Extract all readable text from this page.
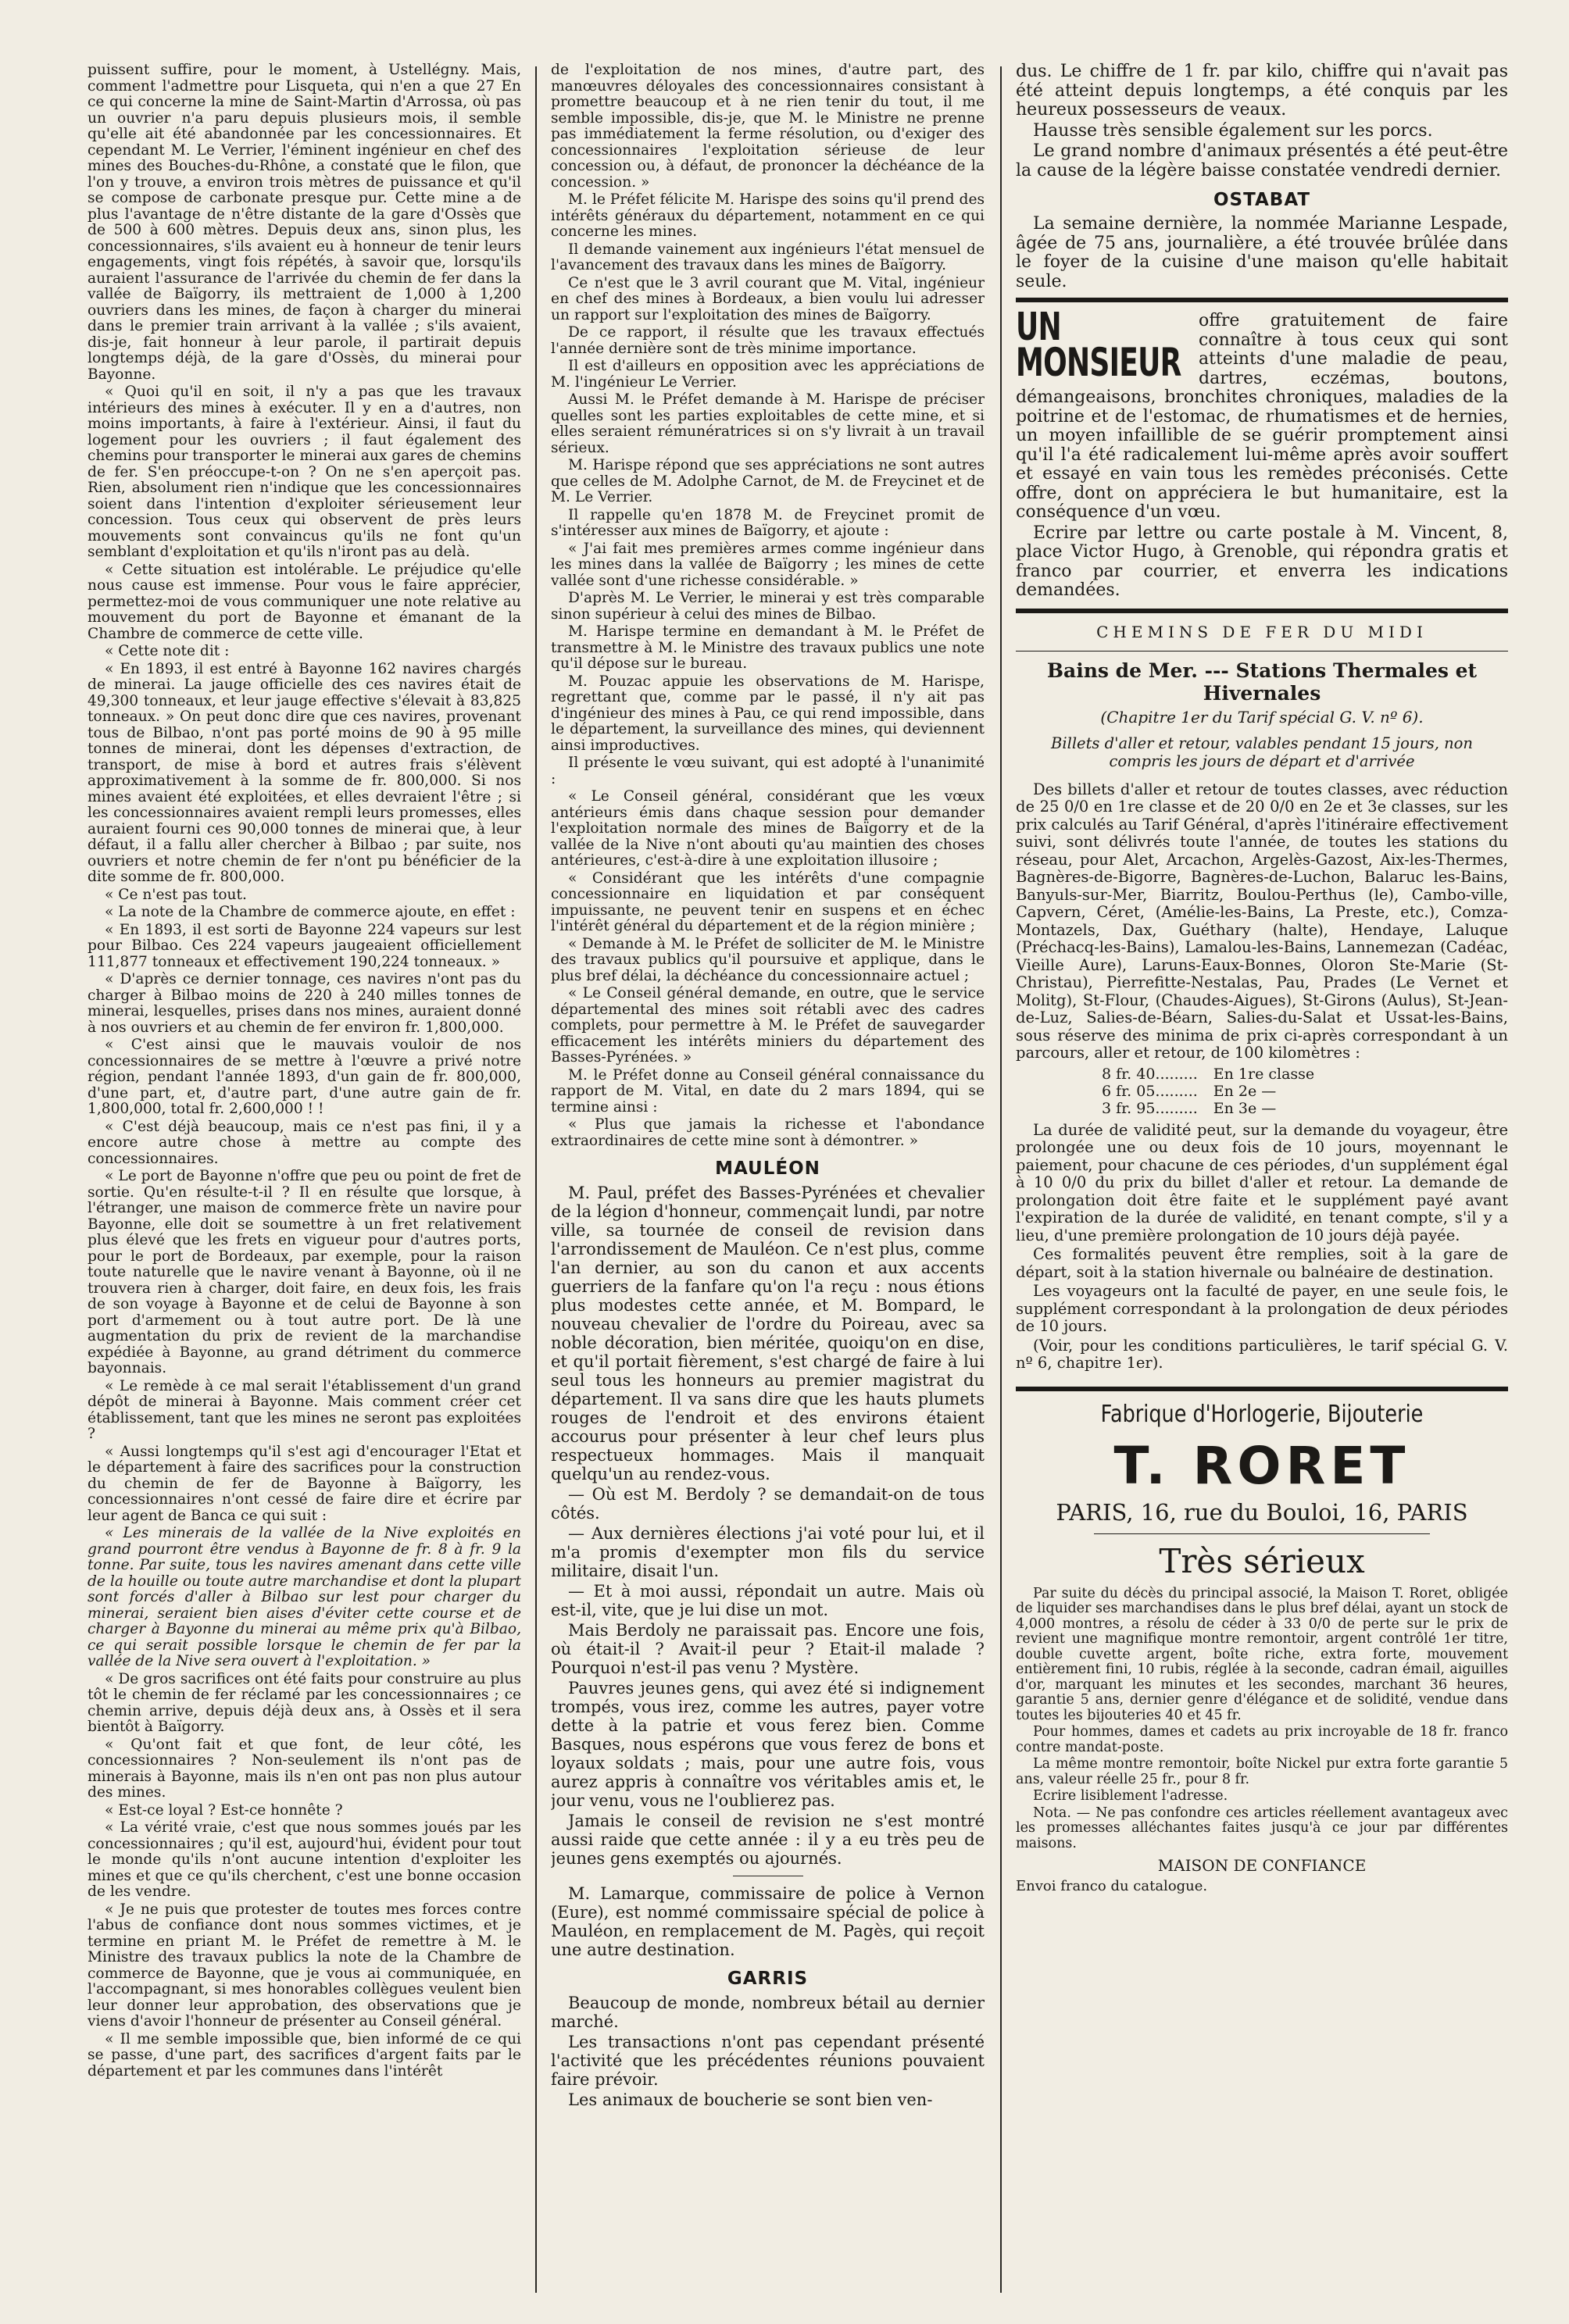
puissent suffire, pour le moment, à Ustellégny. Mais, comment l'admettre pour Lisqueta, qui n'en a que 27 En ce qui concerne la mine de Saint-Martin d'Arrossa, où pas un ouvrier n'a paru depuis plusieurs mois, il semble qu'elle ait été abandonnée par les concessionnaires. Et cependant M. Le Verrier, l'éminent ingénieur en chef des mines des Bouches-du-Rhône, a constaté que le filon, que l'on y trouve, a environ trois mètres de puissance et qu'il se compose de carbonate presque pur. Cette mine a de plus l'avantage de n'être distante de la gare d'Ossès que de 500 à 600 mètres. Depuis deux ans, sinon plus, les concessionnaires, s'ils avaient eu à honneur de tenir leurs engagements, vingt fois répétés, à savoir que, lorsqu'ils auraient l'assurance de l'arrivée du chemin de fer dans la vallée de Baïgorry, ils mettraient de 1,000 à 1,200 ouvriers dans les mines, de façon à charger du minerai dans le premier train arrivant à la vallée ; s'ils avaient, dis-je, fait honneur à leur parole, il partirait depuis longtemps déjà, de la gare d'Ossès, du minerai pour Bayonne.

« Quoi qu'il en soit, il n'y a pas que les travaux intérieurs des mines à exécuter. Il y en a d'autres, non moins importants, à faire à l'extérieur. Ainsi, il faut du logement pour les ouvriers ; il faut également des chemins pour transporter le minerai aux gares de chemins de fer. S'en préoccupe-t-on ? On ne s'en aperçoit pas. Rien, absolument rien n'indique que les concessionnaires soient dans l'intention d'exploiter sérieusement leur concession. Tous ceux qui observent de près leurs mouvements sont convaincus qu'ils ne font qu'un semblant d'exploitation et qu'ils n'iront pas au delà.

« Cette situation est intolérable. Le préjudice qu'elle nous cause est immense. Pour vous le faire apprécier, permettez-moi de vous communiquer une note relative au mouvement du port de Bayonne et émanant de la Chambre de commerce de cette ville.

« Cette note dit :

« En 1893, il est entré à Bayonne 162 navires chargés de minerai. La jauge officielle des ces navires était de 49,300 tonneaux, et leur jauge effective s'élevait à 83,825 tonneaux. » On peut donc dire que ces navires, provenant tous de Bilbao, n'ont pas porté moins de 90 à 95 mille tonnes de minerai, dont les dépenses d'extraction, de transport, de mise à bord et autres frais s'élèvent approximativement à la somme de fr. 800,000. Si nos mines avaient été exploitées, et elles devraient l'être ; si les concessionnaires avaient rempli leurs promesses, elles auraient fourni ces 90,000 tonnes de minerai que, à leur défaut, il a fallu aller chercher à Bilbao ; par suite, nos ouvriers et notre chemin de fer n'ont pu bénéficier de la dite somme de fr. 800,000.

« Ce n'est pas tout.

« La note de la Chambre de commerce ajoute, en effet :

« En 1893, il est sorti de Bayonne 224 vapeurs sur lest pour Bilbao. Ces 224 vapeurs jaugeaient officiellement 111,877 tonneaux et effectivement 190,224 tonneaux. »

« D'après ce dernier tonnage, ces navires n'ont pas du charger à Bilbao moins de 220 à 240 milles tonnes de minerai, lesquelles, prises dans nos mines, auraient donné à nos ouvriers et au chemin de fer environ fr. 1,800,000.

« C'est ainsi que le mauvais vouloir de nos concessionnaires de se mettre à l'œuvre a privé notre région, pendant l'année 1893, d'un gain de fr. 800,000, d'une part, et, d'autre part, d'une autre gain de fr. 1,800,000, total fr. 2,600,000 ! !

« C'est déjà beaucoup, mais ce n'est pas fini, il y a encore autre chose à mettre au compte des concessionnaires.

« Le port de Bayonne n'offre que peu ou point de fret de sortie. Qu'en résulte-t-il ? Il en résulte que lorsque, à l'étranger, une maison de commerce frète un navire pour Bayonne, elle doit se soumettre à un fret relativement plus élevé que les frets en vigueur pour d'autres ports, pour le port de Bordeaux, par exemple, pour la raison toute naturelle que le navire venant à Bayonne, où il ne trouvera rien à charger, doit faire, en deux fois, les frais de son voyage à Bayonne et de celui de Bayonne à son port d'armement ou à tout autre port. De là une augmentation du prix de revient de la marchandise expédiée à Bayonne, au grand détriment du commerce bayonnais.

« Le remède à ce mal serait l'établissement d'un grand dépôt de minerai à Bayonne. Mais comment créer cet établissement, tant que les mines ne seront pas exploitées ?

« Aussi longtemps qu'il s'est agi d'encourager l'Etat et le département à faire des sacrifices pour la construction du chemin de fer de Bayonne à Baïgorry, les concessionnaires n'ont cessé de faire dire et écrire par leur agent de Banca ce qui suit :

« Les minerais de la vallée de la Nive exploités en grand pourront être vendus à Bayonne de fr. 8 à fr. 9 la tonne. Par suite, tous les navires amenant dans cette ville de la houille ou toute autre marchandise et dont la plupart sont forcés d'aller à Bilbao sur lest pour charger du minerai, seraient bien aises d'éviter cette course et de charger à Bayonne du minerai au même prix qu'à Bilbao, ce qui serait possible lorsque le chemin de fer par la vallée de la Nive sera ouvert à l'exploitation. »

« De gros sacrifices ont été faits pour construire au plus tôt le chemin de fer réclamé par les concessionnaires ; ce chemin arrive, depuis déjà deux ans, à Ossès et il sera bientôt à Baïgorry.

« Qu'ont fait et que font, de leur côté, les concessionnaires ? Non-seulement ils n'ont pas de minerais à Bayonne, mais ils n'en ont pas non plus autour des mines.

« Est-ce loyal ? Est-ce honnête ?

« La vérité vraie, c'est que nous sommes joués par les concessionnaires ; qu'il est, aujourd'hui, évident pour tout le monde qu'ils n'ont aucune intention d'exploiter les mines et que ce qu'ils cherchent, c'est une bonne occasion de les vendre.

« Je ne puis que protester de toutes mes forces contre l'abus de confiance dont nous sommes victimes, et je termine en priant M. le Préfet de remettre à M. le Ministre des travaux publics la note de la Chambre de commerce de Bayonne, que je vous ai communiquée, en l'accompagnant, si mes honorables collègues veulent bien leur donner leur approbation, des observations que je viens d'avoir l'honneur de présenter au Conseil général.

« Il me semble impossible que, bien informé de ce qui se passe, d'une part, des sacrifices d'argent faits par le département et par les communes dans l'intérêt

de l'exploitation de nos mines, d'autre part, des manœuvres déloyales des concessionnaires consistant à promettre beaucoup et à ne rien tenir du tout, il me semble impossible, dis-je, que M. le Ministre ne prenne pas immédiatement la ferme résolution, ou d'exiger des concessionnaires l'exploitation sérieuse de leur concession ou, à défaut, de prononcer la déchéance de la concession. »

M. le Préfet félicite M. Harispe des soins qu'il prend des intérêts généraux du département, notamment en ce qui concerne les mines.

Il demande vainement aux ingénieurs l'état mensuel de l'avancement des travaux dans les mines de Baïgorry.

Ce n'est que le 3 avril courant que M. Vital, ingénieur en chef des mines à Bordeaux, a bien voulu lui adresser un rapport sur l'exploitation des mines de Baïgorry.

De ce rapport, il résulte que les travaux effectués l'année dernière sont de très minime importance.

Il est d'ailleurs en opposition avec les appréciations de M. l'ingénieur Le Verrier.

Aussi M. le Préfet demande à M. Harispe de préciser quelles sont les parties exploitables de cette mine, et si elles seraient rémunératrices si on s'y livrait à un travail sérieux.

M. Harispe répond que ses appréciations ne sont autres que celles de M. Adolphe Carnot, de M. de Freycinet et de M. Le Verrier.

Il rappelle qu'en 1878 M. de Freycinet promit de s'intéresser aux mines de Baïgorry, et ajoute :

« J'ai fait mes premières armes comme ingénieur dans les mines dans la vallée de Baïgorry ; les mines de cette vallée sont d'une richesse considérable. »

D'après M. Le Verrier, le minerai y est très comparable sinon supérieur à celui des mines de Bilbao.

M. Harispe termine en demandant à M. le Préfet de transmettre à M. le Ministre des travaux publics une note qu'il dépose sur le bureau.

M. Pouzac appuie les observations de M. Harispe, regrettant que, comme par le passé, il n'y ait pas d'ingénieur des mines à Pau, ce qui rend impossible, dans le département, la surveillance des mines, qui deviennent ainsi improductives.

Il présente le vœu suivant, qui est adopté à l'unanimité :

« Le Conseil général, considérant que les vœux antérieurs émis dans chaque session pour demander l'exploitation normale des mines de Baïgorry et de la vallée de la Nive n'ont abouti qu'au maintien des choses antérieures, c'est-à-dire à une exploitation illusoire ;

« Considérant que les intérêts d'une compagnie concessionnaire en liquidation et par conséquent impuissante, ne peuvent tenir en suspens et en échec l'intérêt général du département et de la région minière ;

« Demande à M. le Préfet de solliciter de M. le Ministre des travaux publics qu'il poursuive et applique, dans le plus bref délai, la déchéance du concessionnaire actuel ;

« Le Conseil général demande, en outre, que le service départemental des mines soit rétabli avec des cadres complets, pour permettre à M. le Préfet de sauvegarder efficacement les intérêts miniers du département des Basses-Pyrénées. »

M. le Préfet donne au Conseil général connaissance du rapport de M. Vital, en date du 2 mars 1894, qui se termine ainsi :

« Plus que jamais la richesse et l'abondance extraordinaires de cette mine sont à démontrer. »

MAULÉON

M. Paul, préfet des Basses-Pyrénées et chevalier de la légion d'honneur, commençait lundi, par notre ville, sa tournée de conseil de revision dans l'arrondissement de Mauléon. Ce n'est plus, comme l'an dernier, au son du canon et aux accents guerriers de la fanfare qu'on l'a reçu : nous étions plus modestes cette année, et M. Bompard, le nouveau chevalier de l'ordre du Poireau, avec sa noble décoration, bien méritée, quoiqu'on en dise, et qu'il portait fièrement, s'est chargé de faire à lui seul tous les honneurs au premier magistrat du département. Il va sans dire que les hauts plumets rouges de l'endroit et des environs étaient accourus pour présenter à leur chef leurs plus respectueux hommages. Mais il manquait quelqu'un au rendez-vous.

— Où est M. Berdoly ? se demandait-on de tous côtés.

— Aux dernières élections j'ai voté pour lui, et il m'a promis d'exempter mon fils du service militaire, disait l'un.

— Et à moi aussi, répondait un autre. Mais où est-il, vite, que je lui dise un mot.

Mais Berdoly ne paraissait pas. Encore une fois, où était-il ? Avait-il peur ? Etait-il malade ? Pourquoi n'est-il pas venu ? Mystère.

Pauvres jeunes gens, qui avez été si indignement trompés, vous irez, comme les autres, payer votre dette à la patrie et vous ferez bien. Comme Basques, nous espérons que vous ferez de bons et loyaux soldats ; mais, pour une autre fois, vous aurez appris à connaître vos véritables amis et, le jour venu, vous ne l'oublierez pas.

Jamais le conseil de revision ne s'est montré aussi raide que cette année : il y a eu très peu de jeunes gens exemptés ou ajournés.

M. Lamarque, commissaire de police à Vernon (Eure), est nommé commissaire spécial de police à Mauléon, en remplacement de M. Pagès, qui reçoit une autre destination.

GARRIS

Beaucoup de monde, nombreux bétail au dernier marché.

Les transactions n'ont pas cependant présenté l'activité que les précédentes réunions pouvaient faire prévoir.

Les animaux de boucherie se sont bien ven-

dus. Le chiffre de 1 fr. par kilo, chiffre qui n'avait pas été atteint depuis longtemps, a été conquis par les heureux possesseurs de veaux.

Hausse très sensible également sur les porcs.

Le grand nombre d'animaux présentés a été peut-être la cause de la légère baisse constatée vendredi dernier.

OSTABAT

La semaine dernière, la nommée Marianne Lespade, âgée de 75 ans, journalière, a été trouvée brûlée dans le foyer de la cuisine d'une maison qu'elle habitait seule.

UN MONSIEUR

offre gratuitement de faire connaître à tous ceux qui sont atteints d'une maladie de peau, dartres, eczémas, boutons, démangeaisons, bronchites chroniques, maladies de la poitrine et de l'estomac, de rhumatismes et de hernies, un moyen infaillible de se guérir promptement ainsi qu'il l'a été radicalement lui-même après avoir souffert et essayé en vain tous les remèdes préconisés. Cette offre, dont on appréciera le but humanitaire, est la conséquence d'un vœu.

Ecrire par lettre ou carte postale à M. Vincent, 8, place Victor Hugo, à Grenoble, qui répondra gratis et franco par courrier, et enverra les indications demandées.

CHEMINS DE FER DU MIDI
Bains de Mer. --- Stations Thermales et Hivernales
(Chapitre 1er du Tarif spécial G. V. nº 6).
Billets d'aller et retour, valables pendant 15 jours, non compris les jours de départ et d'arrivée

Des billets d'aller et retour de toutes classes, avec réduction de 25 0/0 en 1re classe et de 20 0/0 en 2e et 3e classes, sur les prix calculés au Tarif Général, d'après l'itinéraire effectivement suivi, sont délivrés toute l'année, de toutes les stations du réseau, pour Alet, Arcachon, Argelès-Gazost, Aix-les-Thermes, Bagnères-de-Bigorre, Bagnères-de-Luchon, Balaruc les-Bains, Banyuls-sur-Mer, Biarritz, Boulou-Perthus (le), Cambo-ville, Capvern, Céret, (Amélie-les-Bains, La Preste, etc.), Comza-Montazels, Dax, Guéthary (halte), Hendaye, Laluque (Préchacq-les-Bains), Lamalou-les-Bains, Lannemezan (Cadéac, Vieille Aure), Laruns-Eaux-Bonnes, Oloron Ste-Marie (St-Christau), Pierrefitte-Nestalas, Pau, Prades (Le Vernet et Molitg), St-Flour, (Chaudes-Aigues), St-Girons (Aulus), St-Jean-de-Luz, Salies-de-Béarn, Salies-du-Salat et Ussat-les-Bains, sous réserve des minima de prix ci-après correspondant à un parcours, aller et retour, de 100 kilomètres :

8 fr. 40.........	En 1re classe
6 fr. 05.........	En 2e —
3 fr. 95.........	En 3e —

La durée de validité peut, sur la demande du voyageur, être prolongée une ou deux fois de 10 jours, moyennant le paiement, pour chacune de ces périodes, d'un supplément égal à 10 0/0 du prix du billet d'aller et retour. La demande de prolongation doit être faite et le supplément payé avant l'expiration de la durée de validité, en tenant compte, s'il y a lieu, d'une première prolongation de 10 jours déjà payée.

Ces formalités peuvent être remplies, soit à la gare de départ, soit à la station hivernale ou balnéaire de destination.

Les voyageurs ont la faculté de payer, en une seule fois, le supplément correspondant à la prolongation de deux périodes de 10 jours.

(Voir, pour les conditions particulières, le tarif spécial G. V. nº 6, chapitre 1er).

Fabrique d'Horlogerie, Bijouterie
T. RORET
PARIS, 16, rue du Bouloi, 16, PARIS
Très sérieux

Par suite du décès du principal associé, la Maison T. Roret, obligée de liquider ses marchandises dans le plus bref délai, ayant un stock de 4,000 montres, a résolu de céder à 33 0/0 de perte sur le prix de revient une magnifique montre remontoir, argent contrôlé 1er titre, double cuvette argent, boîte riche, extra forte, mouvement entièrement fini, 10 rubis, réglée à la seconde, cadran émail, aiguilles d'or, marquant les minutes et les secondes, marchant 36 heures, garantie 5 ans, dernier genre d'élégance et de solidité, vendue dans toutes les bijouteries 40 et 45 fr.

Pour hommes, dames et cadets au prix incroyable de 18 fr. franco contre mandat-poste.

La même montre remontoir, boîte Nickel pur extra forte garantie 5 ans, valeur réelle 25 fr., pour 8 fr.

Ecrire lisiblement l'adresse.

Nota. — Ne pas confondre ces articles réellement avantageux avec les promesses alléchantes faites jusqu'à ce jour par différentes maisons.

MAISON DE CONFIANCE

Envoi franco du catalogue.
